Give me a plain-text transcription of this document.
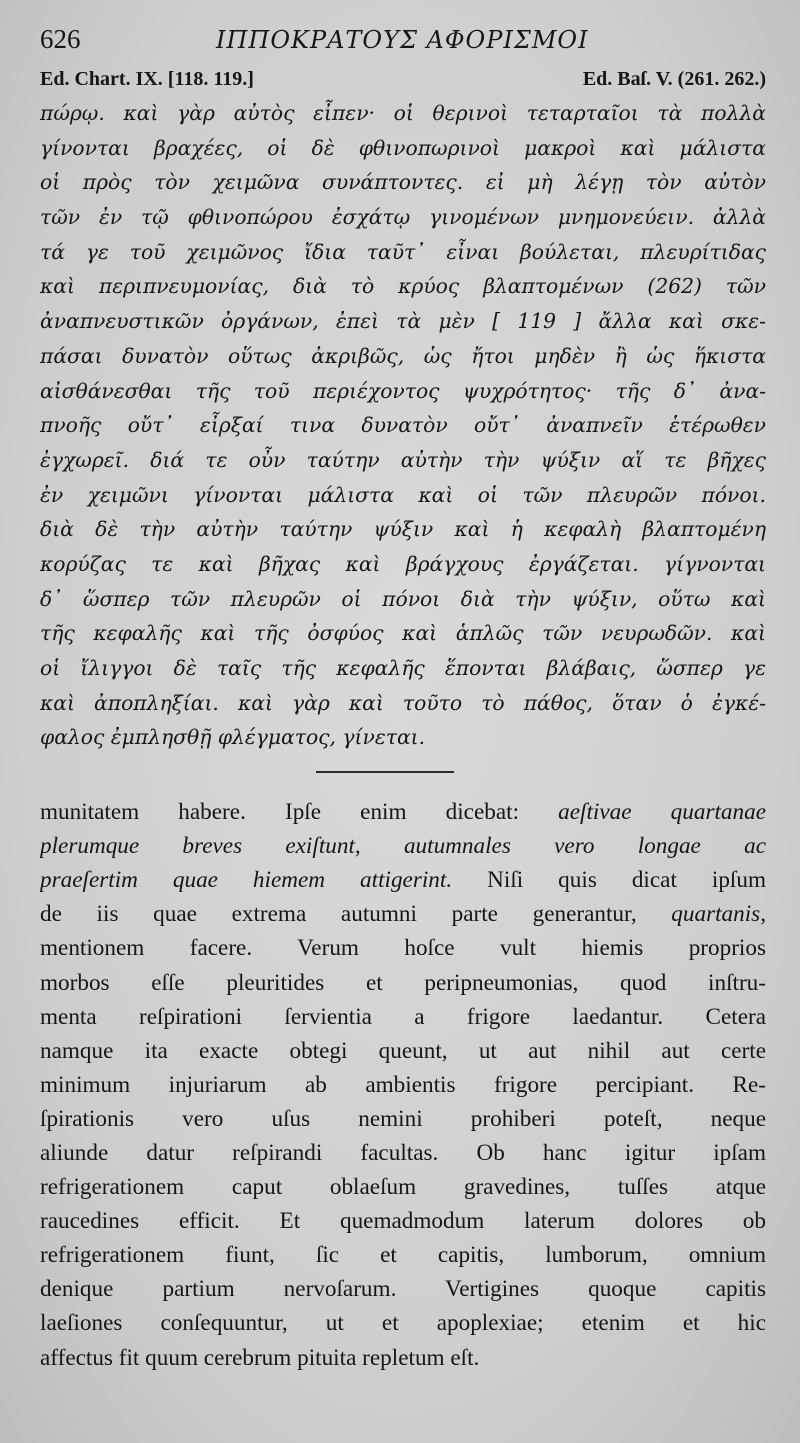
626	ΙΠΠΟΚΡΑΤΟΥΣ ΑΦΟΡΙΣΜΟΙ
Ed. Chart. IX. [118. 119.]	Ed. Baſ. V. (261. 262.)
πώρῳ. καὶ γὰρ αὐτὸς εἶπεν· οἱ θερινοὶ τεταρταῖοι τὰ πολλὰ
γίνονται βραχέες, οἱ δὲ φθινοπωρινοὶ μακροὶ καὶ μάλιστα
οἱ πρὸς τὸν χειμῶνα συνάπτοντες. εἰ μὴ λέγῃ τὸν αὐτὸν
τῶν ἐν τῷ φθινοπώρου ἐσχάτῳ γινομένων μνημονεύειν. ἀλλὰ
τά γε τοῦ χειμῶνος ἴδια ταῦτ᾽ εἶναι βούλεται, πλευρίτιδας
καὶ περιπνευμονίας, διὰ τὸ κρύος βλαπτομένων (262) τῶν
ἀναπνευστικῶν ὀργάνων, ἐπεὶ τὰ μὲν [ 119 ] ἄλλα καὶ σκε-
πάσαι δυνατὸν οὕτως ἀκριβῶς, ὡς ἤτοι μηδὲν ἢ ὡς ἥκιστα
αἰσθάνεσθαι τῆς τοῦ περιέχοντος ψυχρότητος· τῆς δ᾽ ἀνα-
πνοῆς οὔτ᾽ εἶρξαί τινα δυνατὸν οὔτ᾽ ἀναπνεῖν ἑτέρωθεν
ἐγχωρεῖ. διά τε οὖν ταύτην αὐτὴν τὴν ψύξιν αἵ τε βῆχες
ἐν χειμῶνι γίνονται μάλιστα καὶ οἱ τῶν πλευρῶν πόνοι.
διὰ δὲ τὴν αὐτὴν ταύτην ψύξιν καὶ ἡ κεφαλὴ βλαπτομένη
κορύζας τε καὶ βῆχας καὶ βράγχους ἐργάζεται. γίγνονται
δ᾽ ὥσπερ τῶν πλευρῶν οἱ πόνοι διὰ τὴν ψύξιν, οὕτω καὶ
τῆς κεφαλῆς καὶ τῆς ὀσφύος καὶ ἁπλῶς τῶν νευρωδῶν. καὶ
οἱ ἴλιγγοι δὲ ταῖς τῆς κεφαλῆς ἕπονται βλάβαις, ὥσπερ γε
καὶ ἀποπληξίαι. καὶ γὰρ καὶ τοῦτο τὸ πάθος, ὅταν ὁ ἐγκέ-
φαλος ἐμπλησθῇ φλέγματος, γίνεται.
munitatem habere. Ipſe enim dicebat: aeſtivae quartanae
plerumque breves exiſtunt, autumnales vero longae ac
praeſertim quae hiemem attigerint. Niſi quis dicat ipſum
de iis quae extrema autumni parte generantur, quartanis,
mentionem facere. Verum hoſce vult hiemis proprios
morbos eſſe pleuritides et peripneumonias, quod inſtru-
menta reſpirationi ſervientia a frigore laedantur. Cetera
namque ita exacte obtegi queunt, ut aut nihil aut certe
minimum injuriarum ab ambientis frigore percipiant. Re-
ſpirationis vero uſus nemini prohiberi poteſt, neque
aliunde datur reſpirandi facultas. Ob hanc igitur ipſam
refrigerationem caput oblaeſum gravedines, tuſſes atque
raucedines efficit. Et quemadmodum laterum dolores ob
refrigerationem fiunt, ſic et capitis, lumborum, omnium
denique partium nervoſarum. Vertigines quoque capitis
laeſiones conſequuntur, ut et apoplexiae; etenim et hic
affectus fit quum cerebrum pituita repletum eſt.
